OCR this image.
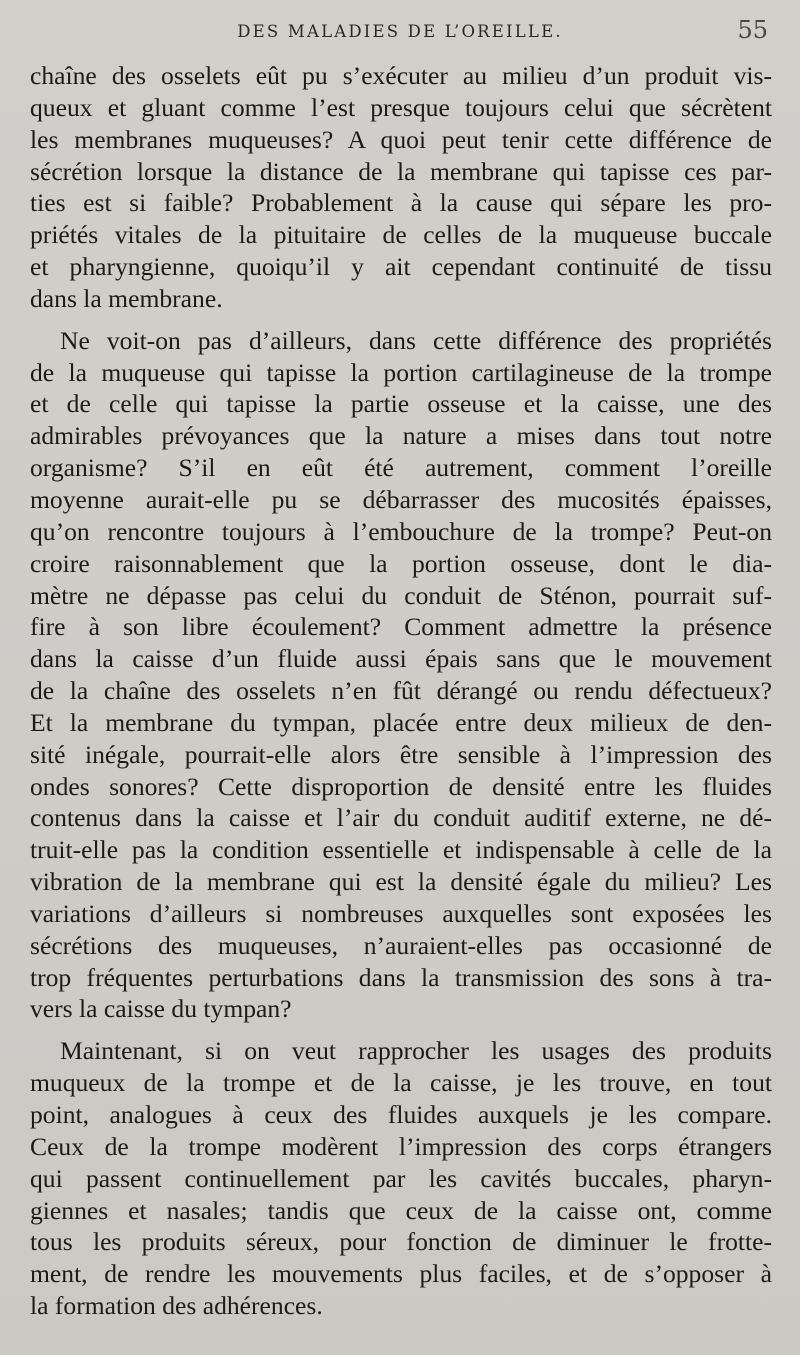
DES MALADIES DE L’OREILLE.	55
chaîne des osselets eût pu s’exécuter au milieu d’un produit vis-
queux et gluant comme l’est presque toujours celui que sécrètent
les membranes muqueuses? A quoi peut tenir cette différence de
sécrétion lorsque la distance de la membrane qui tapisse ces par-
ties est si faible? Probablement à la cause qui sépare les pro-
priétés vitales de la pituitaire de celles de la muqueuse buccale
et pharyngienne, quoiqu’il y ait cependant continuité de tissu
dans la membrane.
Ne voit-on pas d’ailleurs, dans cette différence des propriétés
de la muqueuse qui tapisse la portion cartilagineuse de la trompe
et de celle qui tapisse la partie osseuse et la caisse, une des
admirables prévoyances que la nature a mises dans tout notre
organisme? S’il en eût été autrement, comment l’oreille
moyenne aurait-elle pu se débarrasser des mucosités épaisses,
qu’on rencontre toujours à l’embouchure de la trompe? Peut-on
croire raisonnablement que la portion osseuse, dont le dia-
mètre ne dépasse pas celui du conduit de Sténon, pourrait suf-
fire à son libre écoulement? Comment admettre la présence
dans la caisse d’un fluide aussi épais sans que le mouvement
de la chaîne des osselets n’en fût dérangé ou rendu défectueux?
Et la membrane du tympan, placée entre deux milieux de den-
sité inégale, pourrait-elle alors être sensible à l’impression des
ondes sonores? Cette disproportion de densité entre les fluides
contenus dans la caisse et l’air du conduit auditif externe, ne dé-
truit-elle pas la condition essentielle et indispensable à celle de la
vibration de la membrane qui est la densité égale du milieu? Les
variations d’ailleurs si nombreuses auxquelles sont exposées les
sécrétions des muqueuses, n’auraient-elles pas occasionné de
trop fréquentes perturbations dans la transmission des sons à tra-
vers la caisse du tympan?
Maintenant, si on veut rapprocher les usages des produits
muqueux de la trompe et de la caisse, je les trouve, en tout
point, analogues à ceux des fluides auxquels je les compare.
Ceux de la trompe modèrent l’impression des corps étrangers
qui passent continuellement par les cavités buccales, pharyn-
giennes et nasales; tandis que ceux de la caisse ont, comme
tous les produits séreux, pour fonction de diminuer le frotte-
ment, de rendre les mouvements plus faciles, et de s’opposer à
la formation des adhérences.
